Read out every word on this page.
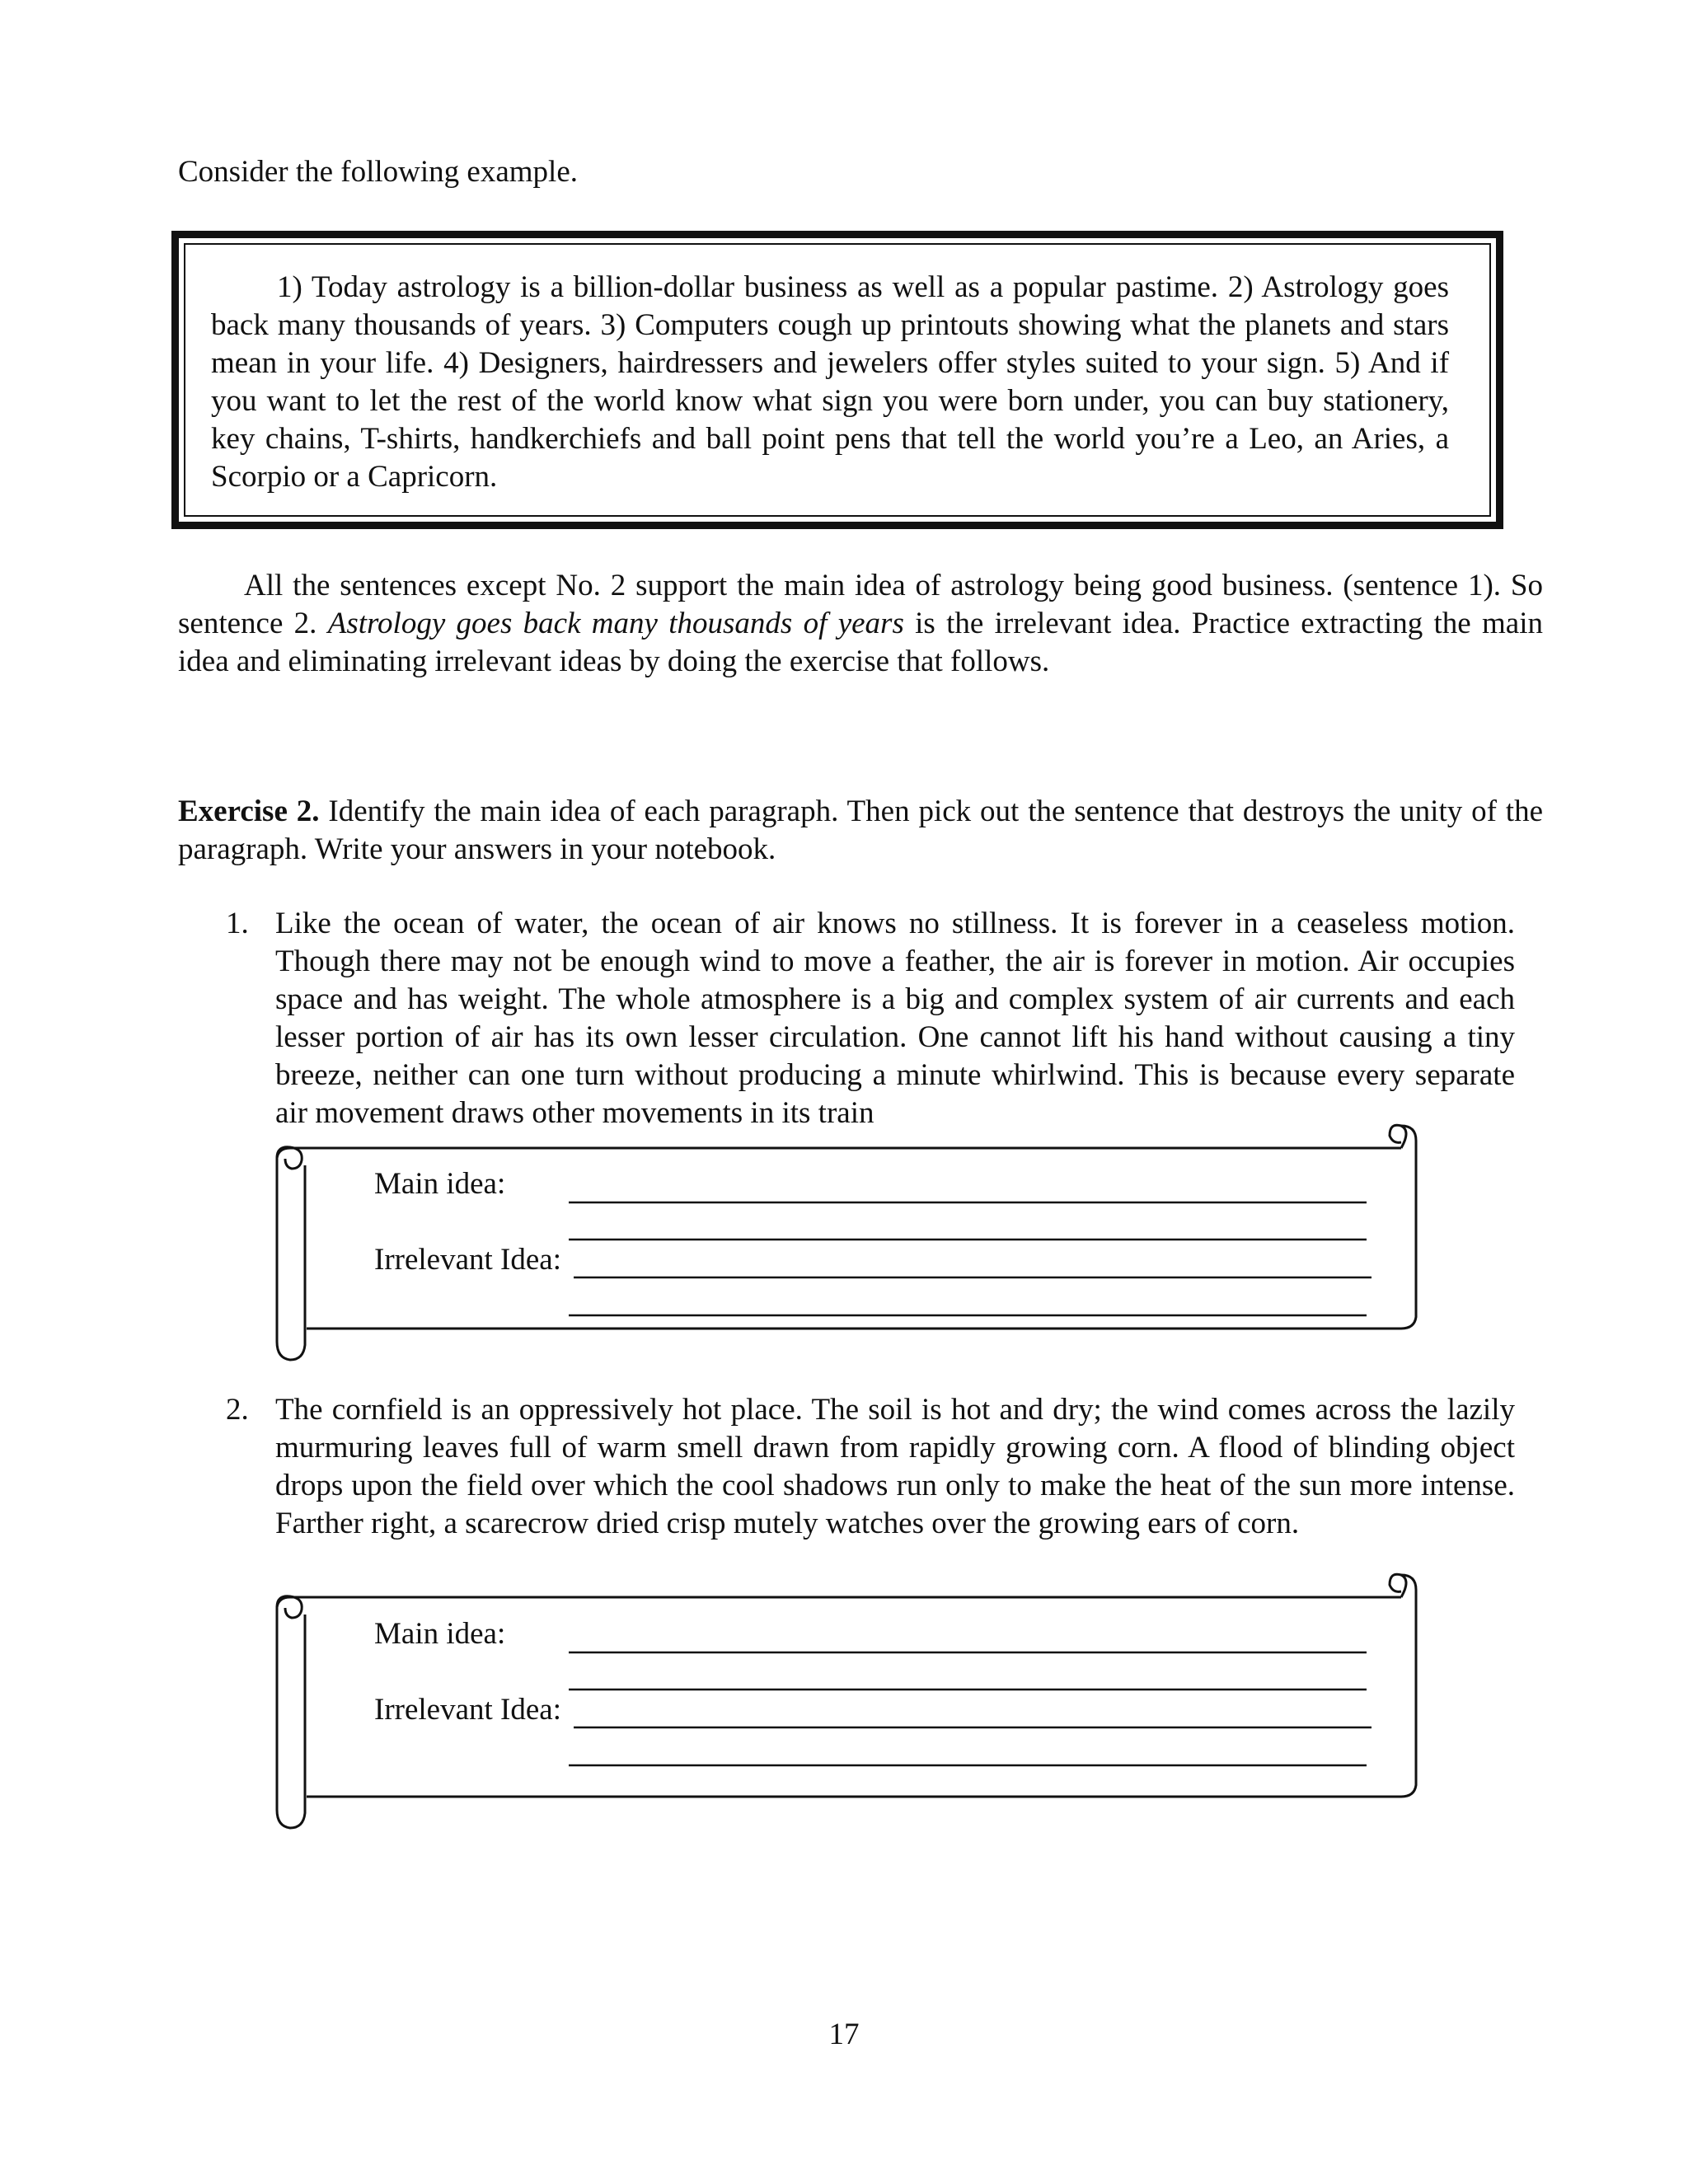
Consider the following example.
1) Today astrology is a billion-dollar business as well as a popular pastime. 2) Astrology goes back many thousands of years. 3) Computers cough up printouts showing what the planets and stars mean in your life. 4) Designers, hairdressers and jewelers offer styles suited to your sign. 5) And if you want to let the rest of the world know what sign you were born under, you can buy stationery, key chains, T-shirts, handkerchiefs and ball point pens that tell the world you’re a Leo, an Aries, a Scorpio or a Capricorn.
All the sentences except No. 2 support the main idea of astrology being good business. (sentence 1). So sentence 2. Astrology goes back many thousands of years is the irrelevant idea. Practice extracting the main idea and eliminating irrelevant ideas by doing the exercise that follows.
Exercise 2. Identify the main idea of each paragraph. Then pick out the sentence that destroys the unity of the paragraph. Write your answers in your notebook.
1. Like the ocean of water, the ocean of air knows no stillness. It is forever in a ceaseless motion. Though there may not be enough wind to move a feather, the air is forever in motion. Air occupies space and has weight. The whole atmosphere is a big and complex system of air currents and each lesser portion of air has its own lesser circulation. One cannot lift his hand without causing a tiny breeze, neither can one turn without producing a minute whirlwind. This is because every separate air movement draws other movements in its train
Main idea:
Irrelevant Idea:
2. The cornfield is an oppressively hot place. The soil is hot and dry; the wind comes across the lazily murmuring leaves full of warm smell drawn from rapidly growing corn. A flood of blinding object drops upon the field over which the cool shadows run only to make the heat of the sun more intense. Farther right, a scarecrow dried crisp mutely watches over the growing ears of corn.
Main idea:
Irrelevant Idea:
17
